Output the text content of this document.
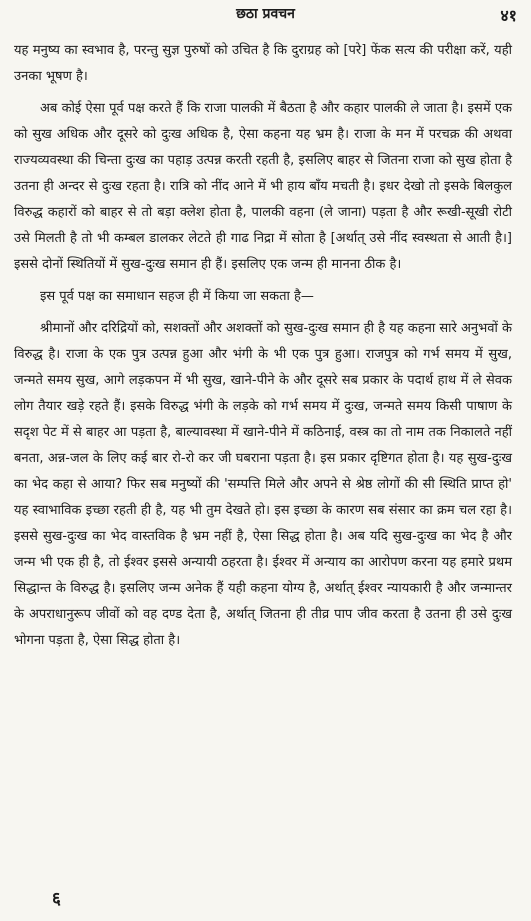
छठा प्रवचन	४१

यह मनुष्य का स्वभाव है, परन्तु सुज्ञ पुरुषों को उचित है कि दुराग्रह को [परे] फेंक सत्य की परीक्षा करें, यही उनका भूषण है।

अब कोई ऐसा पूर्व पक्ष करते हैं कि राजा पालकी में बैठता है और कहार पालकी ले जाता है। इसमें एक को सुख अधिक और दूसरे को दुःख अधिक है, ऐसा कहना यह भ्रम है। राजा के मन में परचक्र की अथवा राज्यव्यवस्था की चिन्ता दुःख का पहाड़ उत्पन्न करती रहती है, इसलिए बाहर से जितना राजा को सुख होता है उतना ही अन्दर से दुःख रहता है। रात्रि को नींद आने में भी हाय बाँय मचती है। इधर देखो तो इसके बिलकुल विरुद्ध कहारों को बाहर से तो बड़ा क्लेश होता है, पालकी वहना (ले जाना) पड़ता है और रूखी-सूखी रोटी उसे मिलती है तो भी कम्बल डालकर लेटते ही गाढ निद्रा में सोता है [अर्थात् उसे नींद स्वस्थता से आती है।] इससे दोनों स्थितियों में सुख-दुःख समान ही हैं। इसलिए एक जन्म ही मानना ठीक है।

इस पूर्व पक्ष का समाधान सहज ही में किया जा सकता है—

श्रीमानों और दरिद्रियों को, सशक्तों और अशक्तों को सुख-दुःख समान ही है यह कहना सारे अनुभवों के विरुद्ध है। राजा के एक पुत्र उत्पन्न हुआ और भंगी के भी एक पुत्र हुआ। राजपुत्र को गर्भ समय में सुख, जन्मते समय सुख, आगे लड़कपन में भी सुख, खाने-पीने के और दूसरे सब प्रकार के पदार्थ हाथ में ले सेवक लोग तैयार खड़े रहते हैं। इसके विरुद्ध भंगी के लड़के को गर्भ समय में दुःख, जन्मते समय किसी पाषाण के सदृश पेट में से बाहर आ पड़ता है, बाल्यावस्था में खाने-पीने में कठिनाई, वस्त्र का तो नाम तक निकालते नहीं बनता, अन्न-जल के लिए कई बार रो-रो कर जी घबराना पड़ता है। इस प्रकार दृष्टिगत होता है। यह सुख-दुःख का भेद कहा से आया? फिर सब मनुष्यों की 'सम्पत्ति मिले और अपने से श्रेष्ठ लोगों की सी स्थिति प्राप्त हो' यह स्वाभाविक इच्छा रहती ही है, यह भी तुम देखते हो। इस इच्छा के कारण सब संसार का क्रम चल रहा है। इससे सुख-दुःख का भेद वास्तविक है भ्रम नहीं है, ऐसा सिद्ध होता है। अब यदि सुख-दुःख का भेद है और जन्म भी एक ही है, तो ईश्वर इससे अन्यायी ठहरता है। ईश्वर में अन्याय का आरोपण करना यह हमारे प्रथम सिद्धान्त के विरुद्ध है। इसलिए जन्म अनेक हैं यही कहना योग्य है, अर्थात् ईश्वर न्यायकारी है और जन्मान्तर के अपराधानुरूप जीवों को वह दण्ड देता है, अर्थात् जितना ही तीव्र पाप जीव करता है उतना ही उसे दुःख भोगना पड़ता है, ऐसा सिद्ध होता है।

६
